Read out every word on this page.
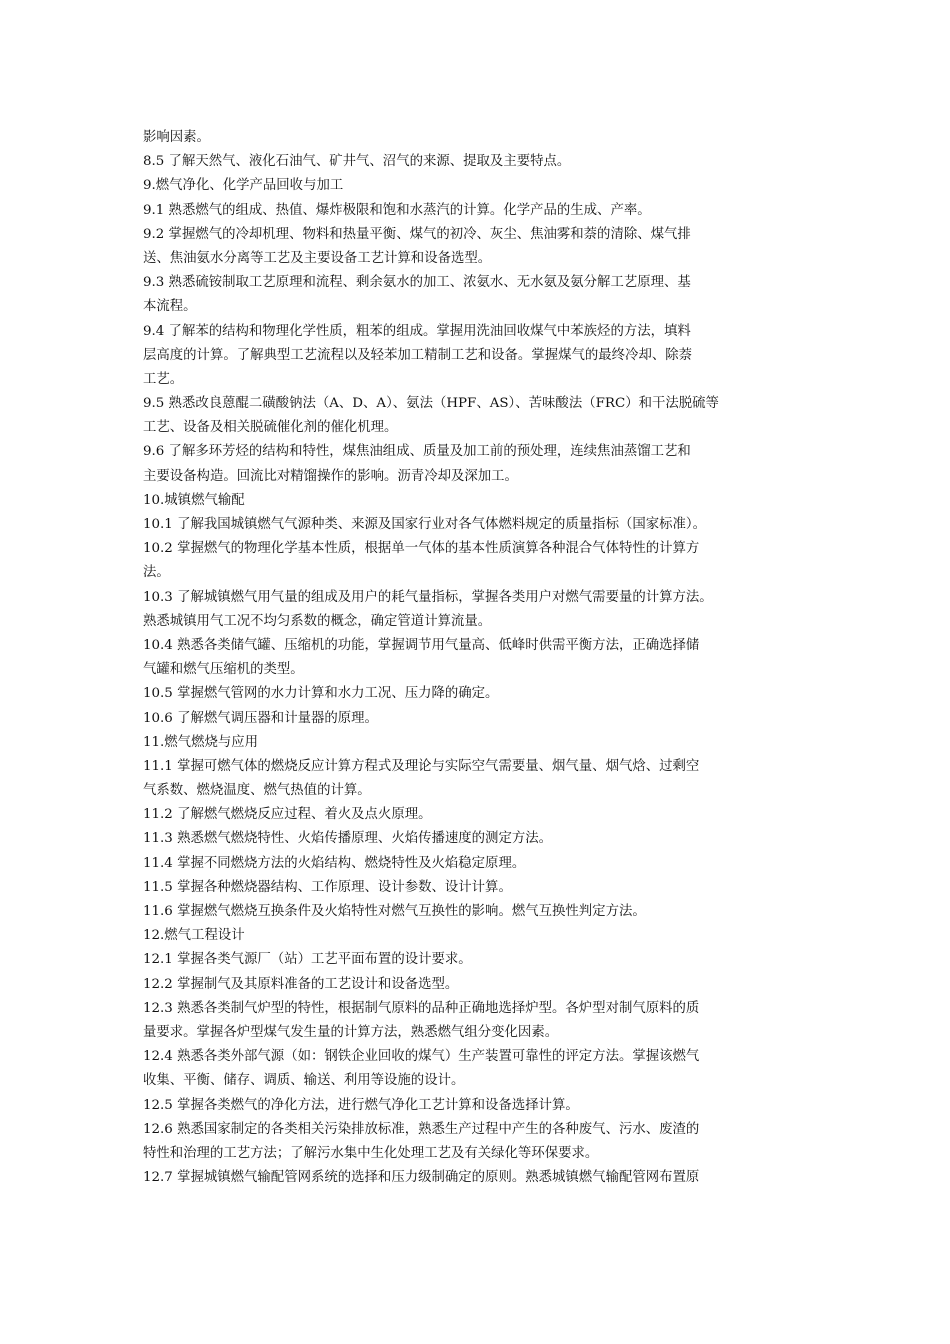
影响因素。
8.5 了解天然气、液化石油气、矿井气、沼气的来源、提取及主要特点。
9.燃气净化、化学产品回收与加工
9.1 熟悉燃气的组成、热值、爆炸极限和饱和水蒸汽的计算。化学产品的生成、产率。
9.2 掌握燃气的冷却机理、物料和热量平衡、煤气的初冷、灰尘、焦油雾和萘的清除、煤气排
送、焦油氨水分离等工艺及主要设备工艺计算和设备选型。
9.3 熟悉硫铵制取工艺原理和流程、剩余氨水的加工、浓氨水、无水氨及氨分解工艺原理、基
本流程。
9.4 了解苯的结构和物理化学性质，粗苯的组成。掌握用洗油回收煤气中苯族烃的方法，填料
层高度的计算。了解典型工艺流程以及轻苯加工精制工艺和设备。掌握煤气的最终冷却、除萘
工艺。
9.5 熟悉改良蒽醌二磺酸钠法（A、D、A）、氨法（HPF、AS）、苦味酸法（FRC）和干法脱硫等
工艺、设备及相关脱硫催化剂的催化机理。
9.6 了解多环芳烃的结构和特性，煤焦油组成、质量及加工前的预处理，连续焦油蒸馏工艺和
主要设备构造。回流比对精馏操作的影响。沥青冷却及深加工。
10.城镇燃气输配
10.1 了解我国城镇燃气气源种类、来源及国家行业对各气体燃料规定的质量指标（国家标准）。
10.2 掌握燃气的物理化学基本性质，根据单一气体的基本性质演算各种混合气体特性的计算方
法。
10.3 了解城镇燃气用气量的组成及用户的耗气量指标，掌握各类用户对燃气需要量的计算方法。
熟悉城镇用气工况不均匀系数的概念，确定管道计算流量。
10.4 熟悉各类储气罐、压缩机的功能，掌握调节用气量高、低峰时供需平衡方法，正确选择储
气罐和燃气压缩机的类型。
10.5 掌握燃气管网的水力计算和水力工况、压力降的确定。
10.6 了解燃气调压器和计量器的原理。
11.燃气燃烧与应用
11.1 掌握可燃气体的燃烧反应计算方程式及理论与实际空气需要量、烟气量、烟气焓、过剩空
气系数、燃烧温度、燃气热值的计算。
11.2 了解燃气燃烧反应过程、着火及点火原理。
11.3 熟悉燃气燃烧特性、火焰传播原理、火焰传播速度的测定方法。
11.4 掌握不同燃烧方法的火焰结构、燃烧特性及火焰稳定原理。
11.5 掌握各种燃烧器结构、工作原理、设计参数、设计计算。
11.6 掌握燃气燃烧互换条件及火焰特性对燃气互换性的影响。燃气互换性判定方法。
12.燃气工程设计
12.1 掌握各类气源厂（站）工艺平面布置的设计要求。
12.2 掌握制气及其原料准备的工艺设计和设备选型。
12.3 熟悉各类制气炉型的特性，根据制气原料的品种正确地选择炉型。各炉型对制气原料的质
量要求。掌握各炉型煤气发生量的计算方法，熟悉燃气组分变化因素。
12.4 熟悉各类外部气源（如：钢铁企业回收的煤气）生产装置可靠性的评定方法。掌握该燃气
收集、平衡、储存、调质、输送、利用等设施的设计。
12.5 掌握各类燃气的净化方法，进行燃气净化工艺计算和设备选择计算。
12.6 熟悉国家制定的各类相关污染排放标准，熟悉生产过程中产生的各种废气、污水、废渣的
特性和治理的工艺方法；了解污水集中生化处理工艺及有关绿化等环保要求。
12.7 掌握城镇燃气输配管网系统的选择和压力级制确定的原则。熟悉城镇燃气输配管网布置原
